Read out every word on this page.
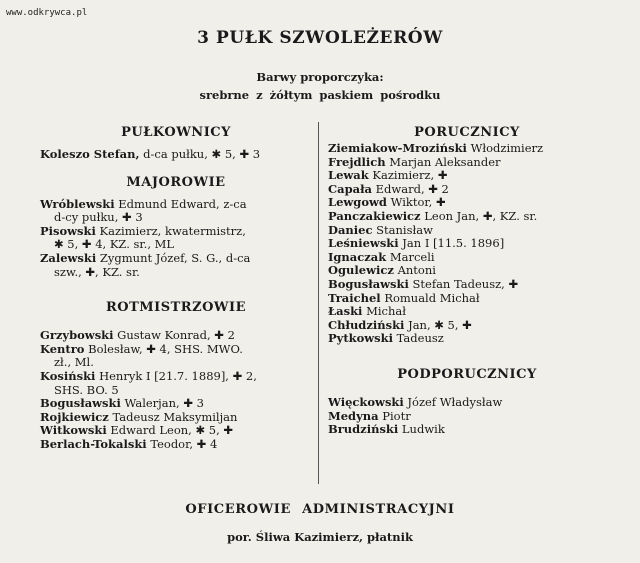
www.odkrywca.pl
3 PUŁK SZWOLEŻERÓW
Barwy proporczyka:
srebrne z żółtym paskiem pośrodku
PUŁKOWNICY
Koleszo Stefan, d-ca pułku, ✱ 5, ✚ 3
MAJOROWIE
Wróblewski Edmund Edward, z-ca
d-cy pułku, ✚ 3
Pisowski Kazimierz, kwatermistrz,
✱ 5, ✚ 4, KZ. sr., ML
Zalewski Zygmunt Józef, S. G., d-ca
szw., ✚, KZ. sr.
ROTMISTRZOWIE
Grzybowski Gustaw Konrad, ✚ 2
Kentro Bolesław, ✚ 4, SHS. MWO.
zł., Ml.
Kosiński Henryk I [21.7. 1889], ✚ 2,
SHS. BO. 5
Bogusławski Walerjan, ✚ 3
Rojkiewicz Tadeusz Maksymiljan
Witkowski Edward Leon, ✱ 5, ✚
Berlach-Tokalski Teodor, ✚ 4
PORUCZNICY
Ziemiakow-Mroziński Włodzimierz
Frejdlich Marjan Aleksander
Lewak Kazimierz, ✚
Capała Edward, ✚ 2
Lewgowd Wiktor, ✚
Panczakiewicz Leon Jan, ✚, KZ. sr.
Daniec Stanisław
Leśniewski Jan I [11.5. 1896]
Ignaczak Marceli
Ogulewicz Antoni
Bogusławski Stefan Tadeusz, ✚
Traichel Romuald Michał
Łaski Michał
Chłudziński Jan, ✱ 5, ✚
Pytkowski Tadeusz
PODPORUCZNICY
Więckowski Józef Władysław
Medyna Piotr
Brudziński Ludwik
OFICEROWIE ADMINISTRACYJNI
por. Śliwa Kazimierz, płatnik
